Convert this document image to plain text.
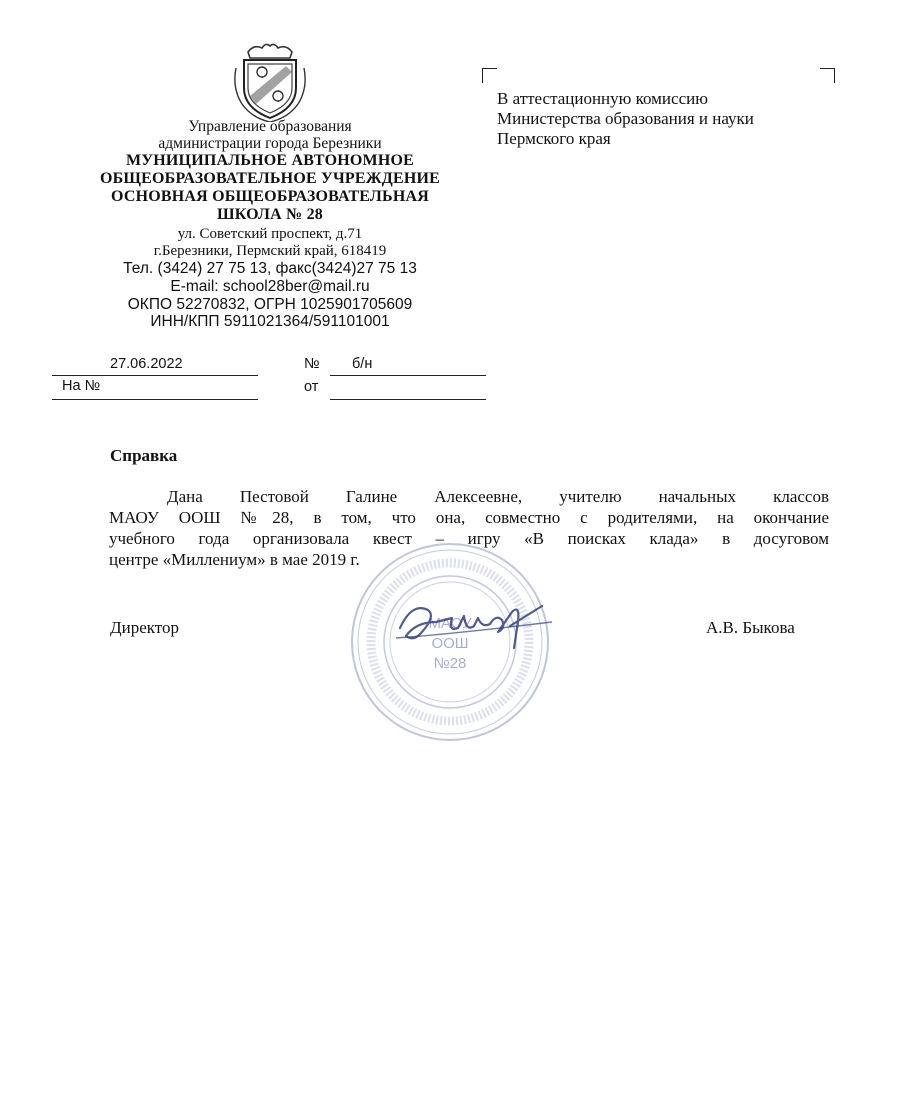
Управление образования
администрации города Березники
МУНИЦИПАЛЬНОЕ АВТОНОМНОЕ
ОБЩЕОБРАЗОВАТЕЛЬНОЕ УЧРЕЖДЕНИЕ
ОСНОВНАЯ ОБЩЕОБРАЗОВАТЕЛЬНАЯ
ШКОЛА № 28
ул. Советский проспект, д.71
г.Березники, Пермский край, 618419
Тел. (3424) 27 75 13, факс(3424)27 75 13
E-mail: school28ber@mail.ru
ОКПО 52270832, ОГРН 1025901705609
ИНН/КПП 5911021364/591101001
В аттестационную комиссию
Министерства образования и науки
Пермского края
27.06.2022	№ б/н
На №	от
Справка
Дана Пестовой Галине Алексеевне, учителю начальных классов
МАОУ ООШ №28, в том, что она, совместно с родителями, на окончание
учебного года организовала квест – игру «В поисках клада» в досуговом
центре «Миллениум» в мае 2019 г.
МАОУ
ООШ
№28
Директор	А.В. Быкова
